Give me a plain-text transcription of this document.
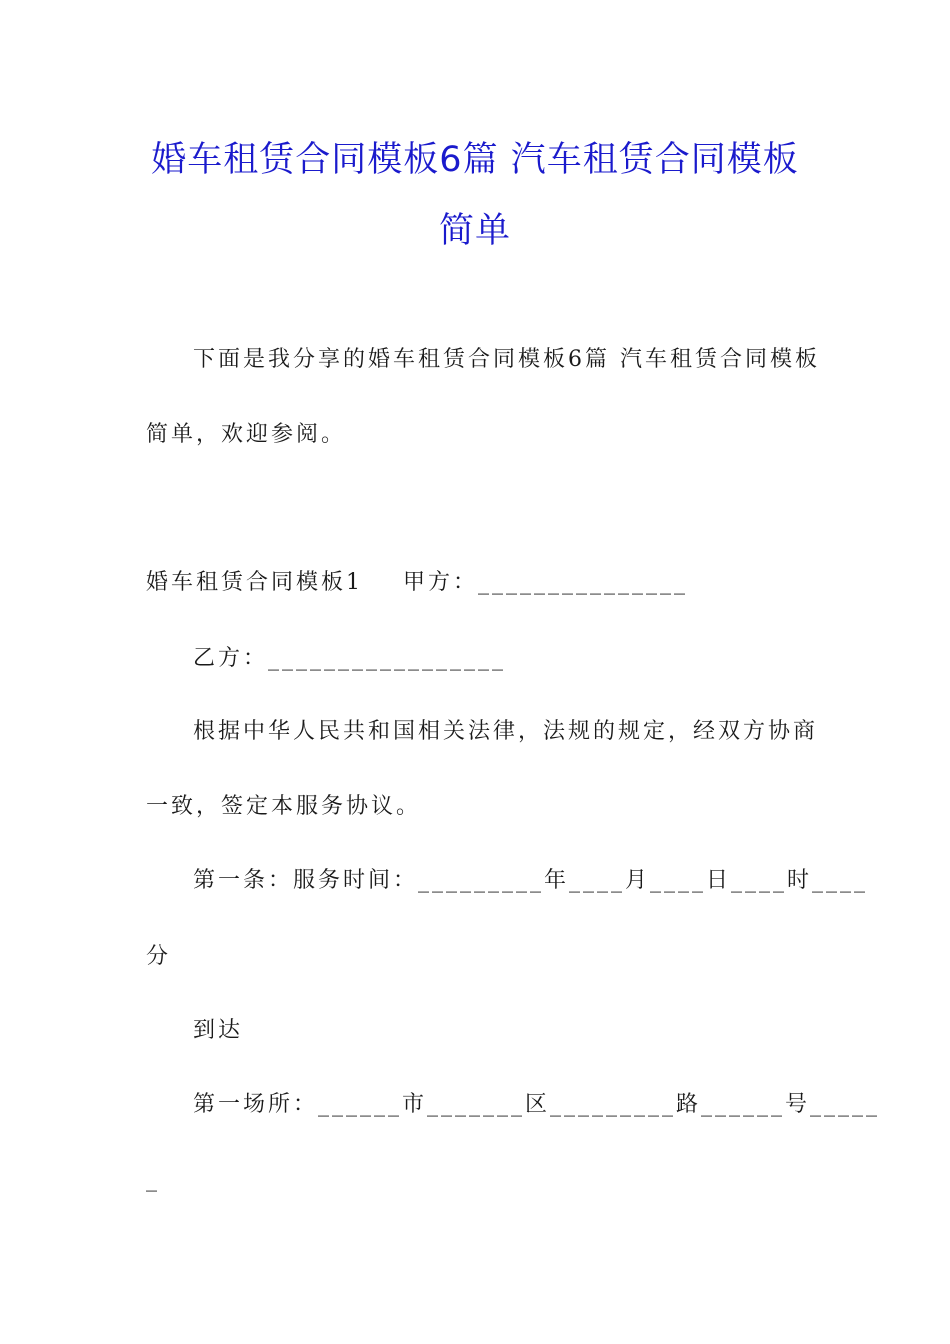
婚车租赁合同模板6篇 汽车租赁合同模板
简单
下面是我分享的婚车租赁合同模板6篇 汽车租赁合同模板
简单，欢迎参阅。
婚车租赁合同模板1 甲方：_______________
乙方：_________________
根据中华人民共和国相关法律，法规的规定，经双方协商
一致，签定本服务协议。
第一条：服务时间：_________年____月____日____时____
分
到达
第一场所：______市_______区_________路______号_____
_
